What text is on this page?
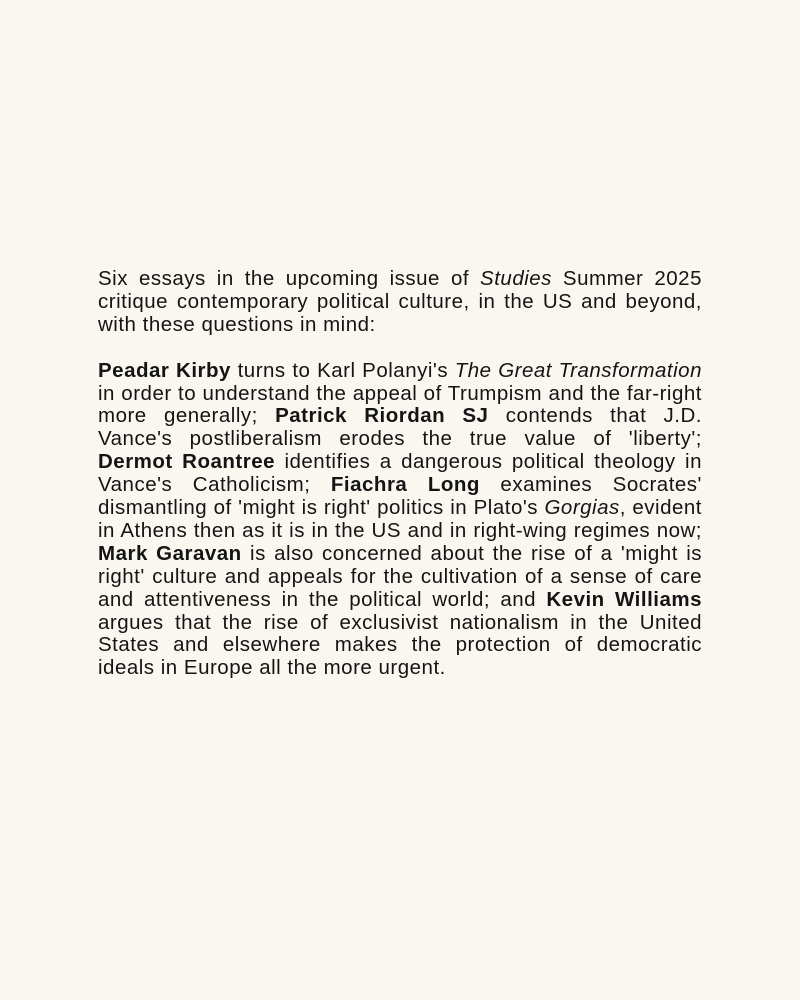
Six essays in the upcoming issue of Studies Summer 2025 critique contemporary political culture, in the US and beyond, with these questions in mind:

Peadar Kirby turns to Karl Polanyi's The Great Transformation in order to understand the appeal of Trumpism and the far-right more generally; Patrick Riordan SJ contends that J.D. Vance's postliberalism erodes the true value of 'liberty'; Dermot Roantree identifies a dangerous political theology in Vance's Catholicism; Fiachra Long examines Socrates' dismantling of 'might is right' politics in Plato's Gorgias, evident in Athens then as it is in the US and in right-wing regimes now; Mark Garavan is also concerned about the rise of a 'might is right' culture and appeals for the cultivation of a sense of care and attentiveness in the political world; and Kevin Williams argues that the rise of exclusivist nationalism in the United States and elsewhere makes the protection of democratic ideals in Europe all the more urgent.
